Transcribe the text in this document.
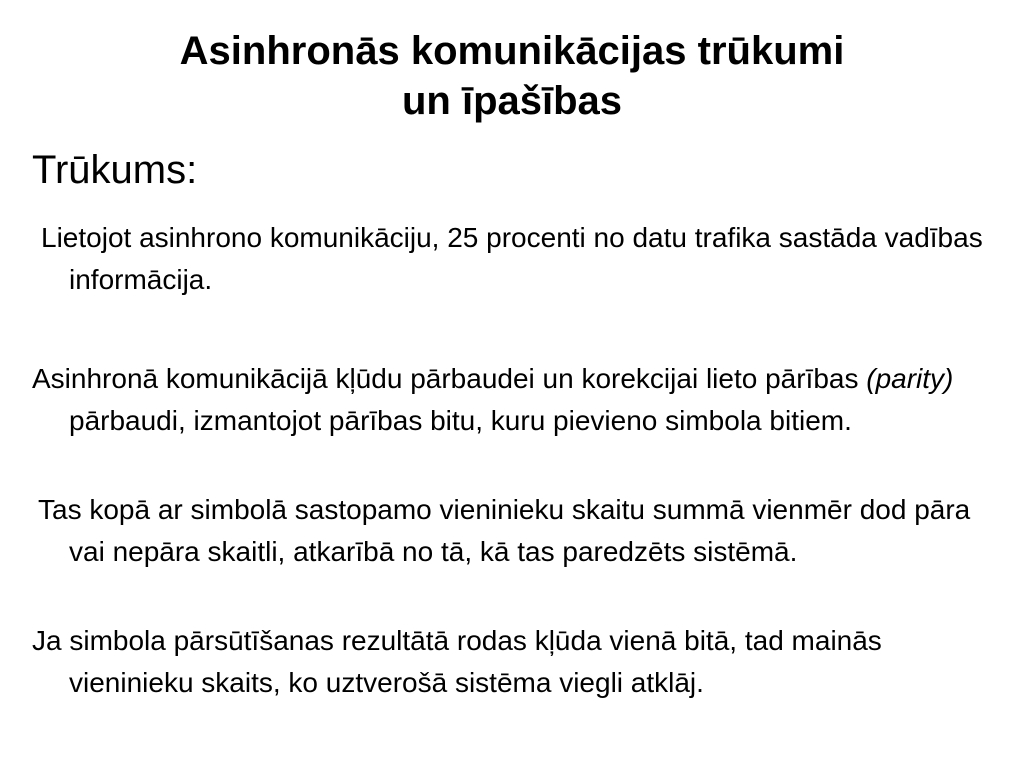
Asinhronās komunikācijas trūkumi
un īpašības

Trūkums:

Lietojot asinhrono komunikāciju, 25 procenti no datu trafika sastāda vadības informācija.

Asinhronā komunikācijā kļūdu pārbaudei un korekcijai lieto pārības (parity) pārbaudi, izmantojot pārības bitu, kuru pievieno simbola bitiem.

Tas kopā ar simbolā sastopamo vieninieku skaitu summā vienmēr dod pāra vai nepāra skaitli, atkarībā no tā, kā tas paredzēts sistēmā.

Ja simbola pārsūtīšanas rezultātā rodas kļūda vienā bitā, tad mainās vieninieku skaits, ko uztverošā sistēma viegli atklāj.
